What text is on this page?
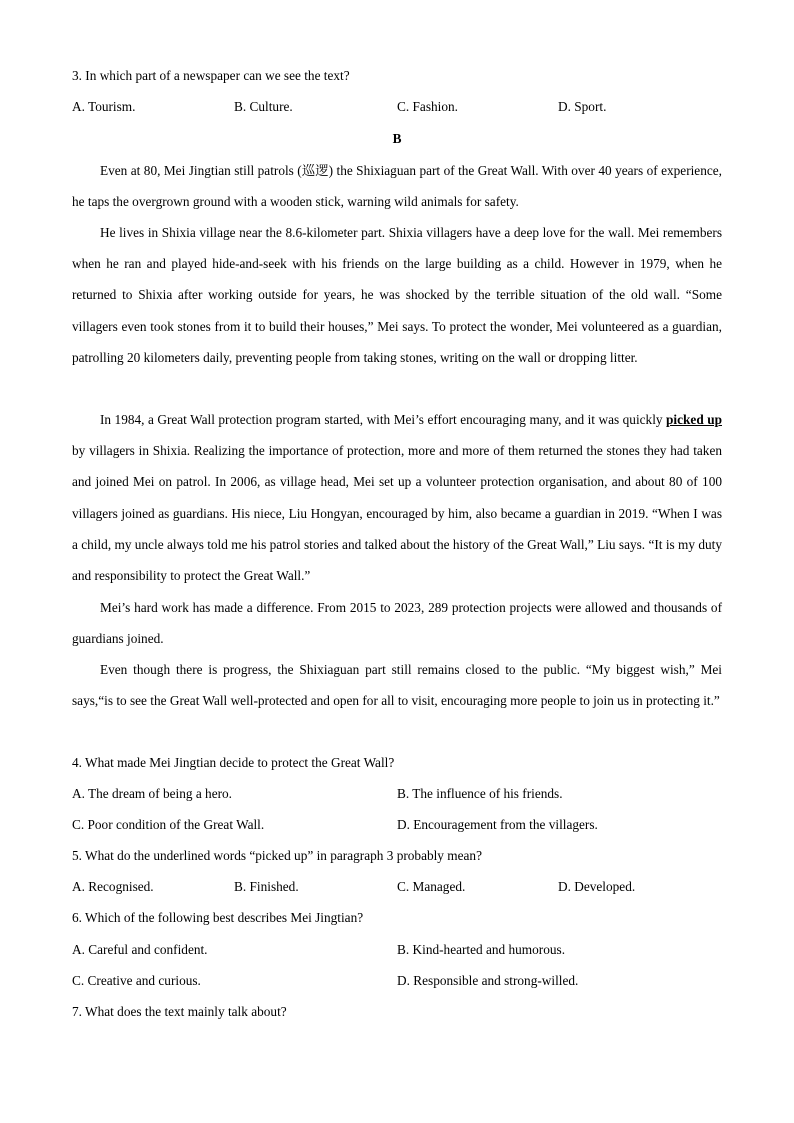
3. In which part of a newspaper can we see the text?
A. Tourism.	B. Culture.	C. Fashion.	D. Sport.
B
Even at 80, Mei Jingtian still patrols (巡逻) the Shixiaguan part of the Great Wall. With over 40 years of experience, he taps the overgrown ground with a wooden stick, warning wild animals for safety.
He lives in Shixia village near the 8.6-kilometer part. Shixia villagers have a deep love for the wall. Mei remembers when he ran and played hide-and-seek with his friends on the large building as a child. However in 1979, when he returned to Shixia after working outside for years, he was shocked by the terrible situation of the old wall. “Some villagers even took stones from it to build their houses,” Mei says. To protect the wonder, Mei volunteered as a guardian, patrolling 20 kilometers daily, preventing people from taking stones, writing on the wall or dropping litter.
In 1984, a Great Wall protection program started, with Mei’s effort encouraging many, and it was quickly picked up by villagers in Shixia. Realizing the importance of protection, more and more of them returned the stones they had taken and joined Mei on patrol. In 2006, as village head, Mei set up a volunteer protection organisation, and about 80 of 100 villagers joined as guardians. His niece, Liu Hongyan, encouraged by him, also became a guardian in 2019. “When I was a child, my uncle always told me his patrol stories and talked about the history of the Great Wall,” Liu says. “It is my duty and responsibility to protect the Great Wall.”
Mei’s hard work has made a difference. From 2015 to 2023, 289 protection projects were allowed and thousands of guardians joined.
Even though there is progress, the Shixiaguan part still remains closed to the public. “My biggest wish,” Mei says,“is to see the Great Wall well-protected and open for all to visit, encouraging more people to join us in protecting it.”
4. What made Mei Jingtian decide to protect the Great Wall?
A. The dream of being a hero.	B. The influence of his friends.
C. Poor condition of the Great Wall.	D. Encouragement from the villagers.
5. What do the underlined words “picked up” in paragraph 3 probably mean?
A. Recognised.	B. Finished.	C. Managed.	D. Developed.
6. Which of the following best describes Mei Jingtian?
A. Careful and confident.	B. Kind-hearted and humorous.
C. Creative and curious.	D. Responsible and strong-willed.
7. What does the text mainly talk about?
